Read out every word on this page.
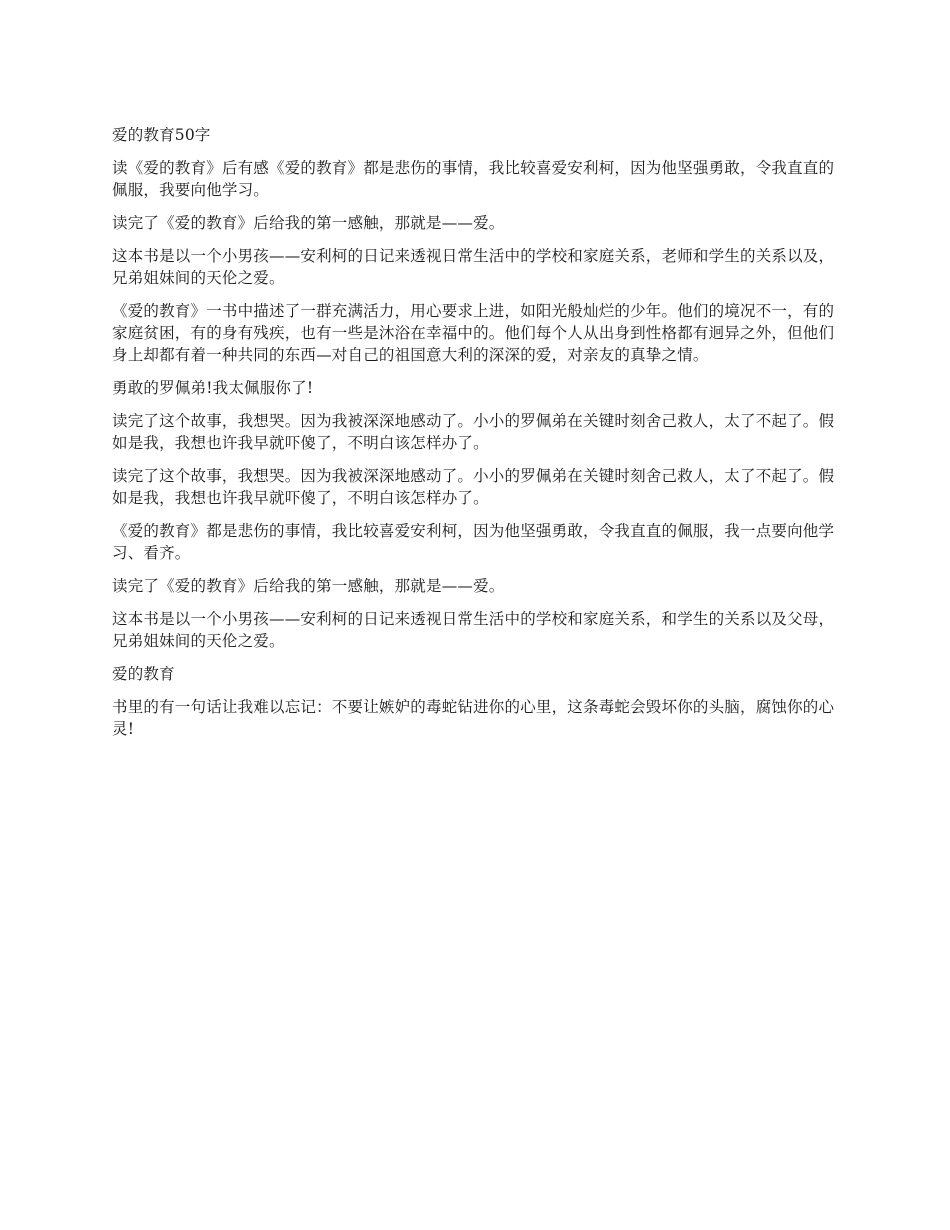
爱的教育50字

读《爱的教育》后有感《爱的教育》都是悲伤的事情，我比较喜爱安利柯，因为他坚强勇敢，令我直直的佩服，我要向他学习。

读完了《爱的教育》后给我的第一感触，那就是——爱。

这本书是以一个小男孩——安利柯的日记来透视日常生活中的学校和家庭关系，老师和学生的关系以及，兄弟姐妹间的天伦之爱。

《爱的教育》一书中描述了一群充满活力，用心要求上进，如阳光般灿烂的少年。他们的境况不一，有的家庭贫困，有的身有残疾，也有一些是沐浴在幸福中的。他们每个人从出身到性格都有迥异之外，但他们身上却都有着一种共同的东西—对自己的祖国意大利的深深的爱，对亲友的真挚之情。

勇敢的罗佩弟!我太佩服你了!

读完了这个故事，我想哭。因为我被深深地感动了。小小的罗佩弟在关键时刻舍己救人，太了不起了。假如是我，我想也许我早就吓傻了，不明白该怎样办了。

读完了这个故事，我想哭。因为我被深深地感动了。小小的罗佩弟在关键时刻舍己救人，太了不起了。假如是我，我想也许我早就吓傻了，不明白该怎样办了。

《爱的教育》都是悲伤的事情，我比较喜爱安利柯，因为他坚强勇敢，令我直直的佩服，我一点要向他学习、看齐。

读完了《爱的教育》后给我的第一感触，那就是——爱。

这本书是以一个小男孩——安利柯的日记来透视日常生活中的学校和家庭关系，和学生的关系以及父母，兄弟姐妹间的天伦之爱。

爱的教育

书里的有一句话让我难以忘记：不要让嫉妒的毒蛇钻进你的心里，这条毒蛇会毁坏你的头脑，腐蚀你的心灵!
